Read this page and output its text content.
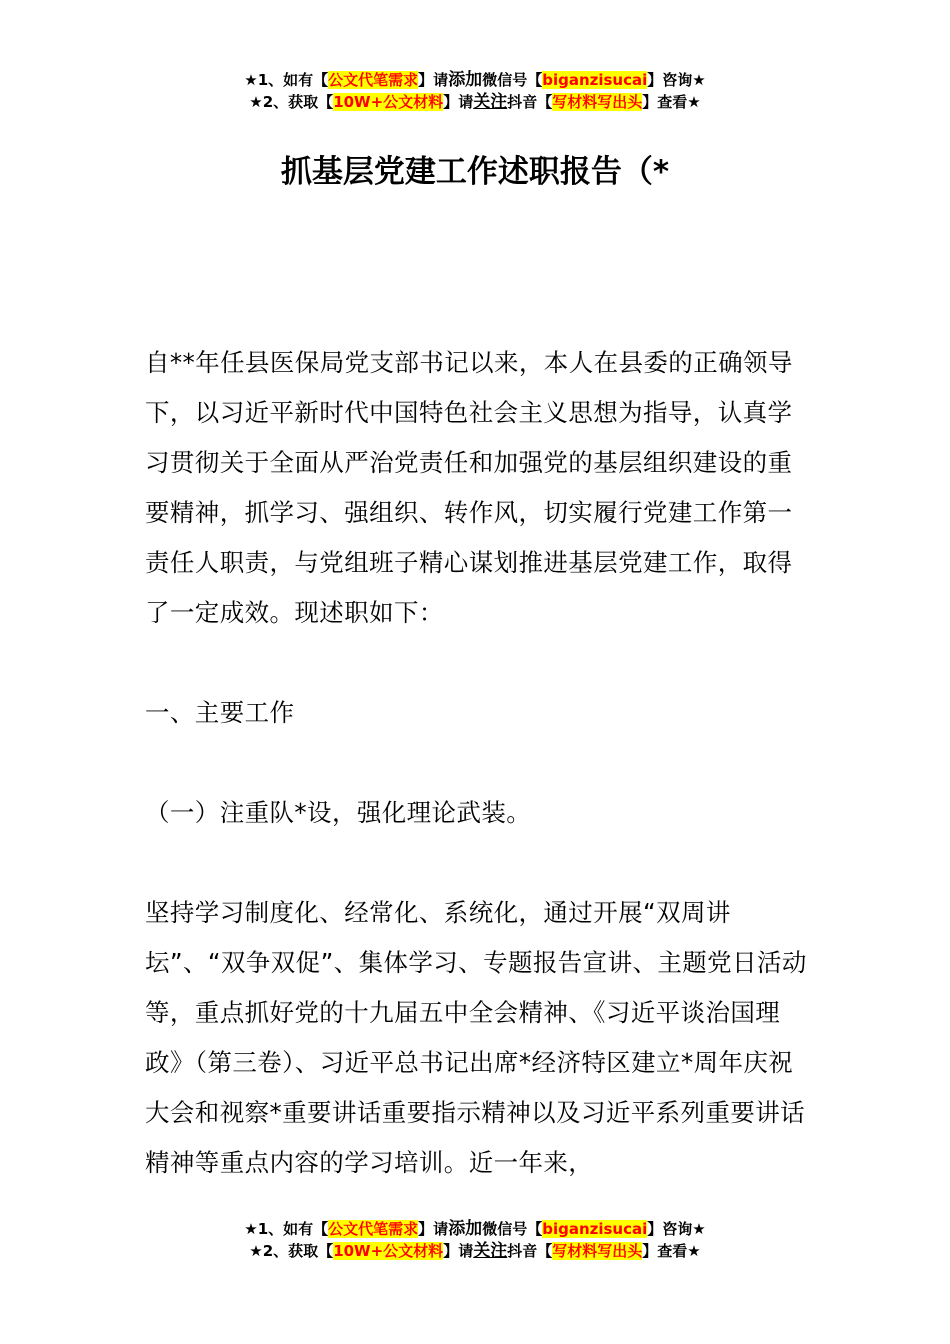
★1、如有【公文代笔需求】请添加微信号【biganzisucai】咨询★
★2、获取【10W+公文材料】请关注抖音【写材料写出头】查看★
抓基层党建工作述职报告（*

自**年任县医保局党支部书记以来，本人在县委的正确领导下，以习近平新时代中国特色社会主义思想为指导，认真学习贯彻关于全面从严治党责任和加强党的基层组织建设的重要精神，抓学习、强组织、转作风，切实履行党建工作第一责任人职责，与党组班子精心谋划推进基层党建工作，取得了一定成效。现述职如下：

一、主要工作

（一）注重队*设，强化理论武装。

坚持学习制度化、经常化、系统化，通过开展“双周讲坛”、“双争双促”、集体学习、专题报告宣讲、主题党日活动等，重点抓好党的十九届五中全会精神、《习近平谈治国理政》（第三卷）、习近平总书记出席*经济特区建立*周年庆祝大会和视察*重要讲话重要指示精神以及习近平系列重要讲话精神等重点内容的学习培训。近一年来，

★1、如有【公文代笔需求】请添加微信号【biganzisucai】咨询★
★2、获取【10W+公文材料】请关注抖音【写材料写出头】查看★
